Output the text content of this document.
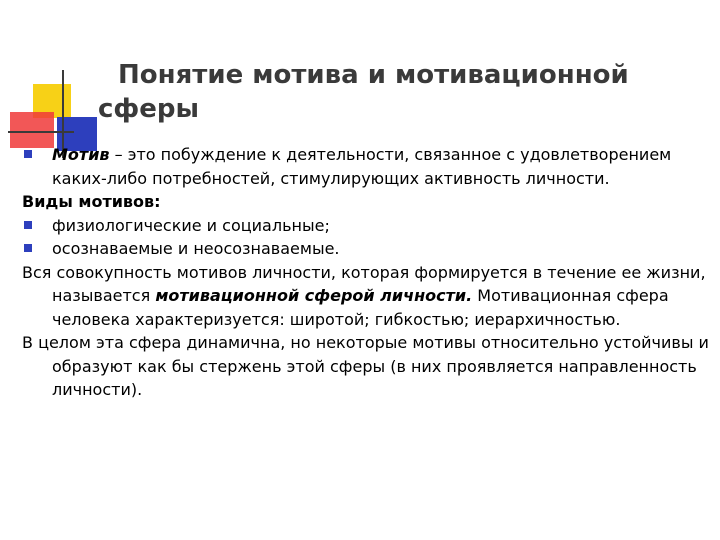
Понятие мотива и мотивационной
сферы

Мотив – это побуждение к деятельности, связанное с удовлетворением каких-либо потребностей, стимулирующих активность личности.

Виды мотивов:

физиологические и социальные;

осознаваемые и неосознаваемые.

Вся совокупность мотивов личности, которая формируется в течение ее жизни, называется мотивационной сферой личности. Мотивационная сфера человека характеризуется: широтой; гибкостью; иерархичностью.

В целом эта сфера динамична, но некоторые мотивы относительно устойчивы и образуют как бы стержень этой сферы (в них проявляется направленность личности).
